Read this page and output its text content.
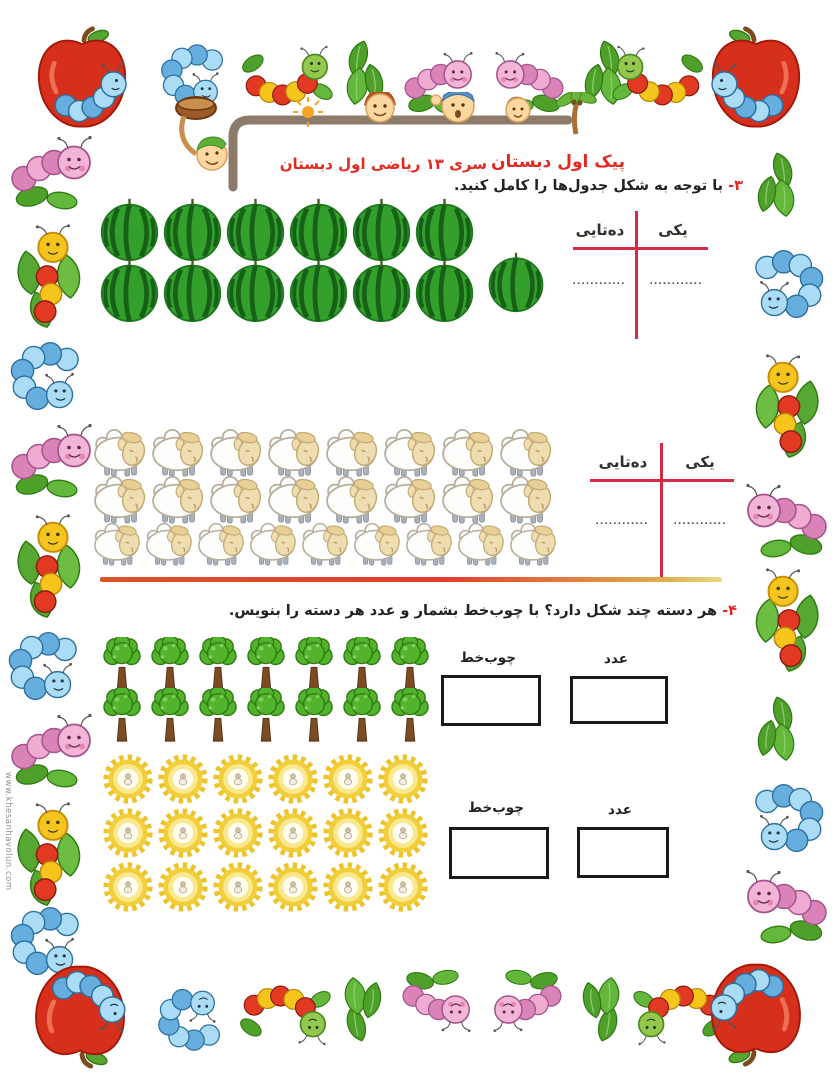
پیک اول دبستان
سری ۱۳ ریاضی اول دبستان
۳-با توجه به شکل جدول‌ها را کامل کنید.
ده‌تایی	یکی
............	............
ده‌تایی	یکی
............	............
۴-هر دسته چند شکل دارد؟ با چوب‌خط بشمار و عدد هر دسته را بنویس.
چوب‌خط	عدد
چوب‌خط	عدد
www.khesanhavolun.com
